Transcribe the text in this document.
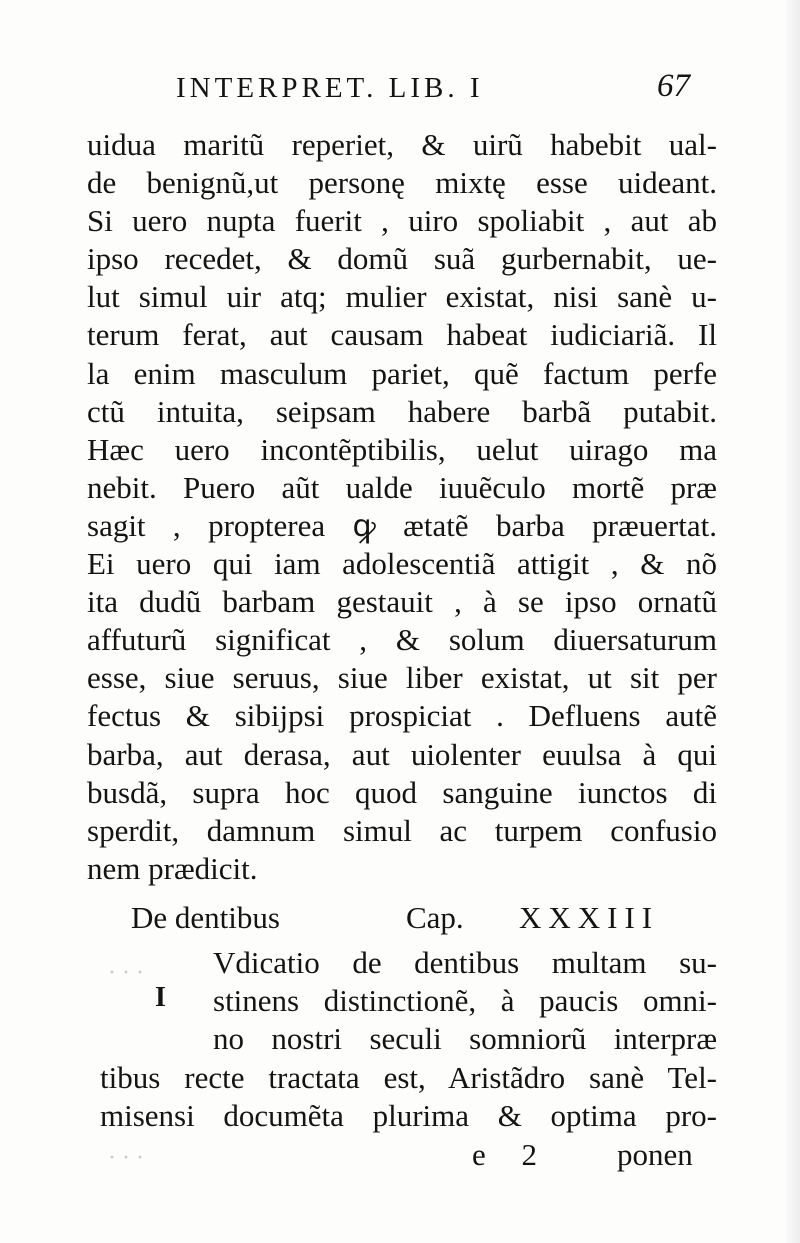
· · ·
· · ·
INTERPRET. LIB. I	67
uidua maritũ reperiet, & uirũ habebit ual-
de benignũ,ut personę mixtę esse uideant.
Si uero nupta fuerit , uiro spoliabit , aut ab
ipso recedet, & domũ suã gurbernabit, ue-
lut simul uir atq; mulier existat, nisi sanè u-
terum ferat, aut causam habeat iudiciariã. Il
la enim masculum pariet, quẽ factum perfe
ctũ intuita, seipsam habere barbã putabit.
Hæc uero incontẽptibilis, uelut uirago ma
nebit. Puero aũt ualde iuuẽculo mortẽ præ
sagit , propterea ꝙ ætatẽ barba præuertat.
Ei uero qui iam adolescentiã attigit , & nõ
ita dudũ barbam gestauit , à se ipso ornatũ
affuturũ significat , & solum diuersaturum
esse, siue seruus, siue liber existat, ut sit per
fectus & sibijpsi prospiciat . Defluens autẽ
barba, aut derasa, aut uiolenter euulsa à qui
busdã, supra hoc quod sanguine iunctos di
sperdit, damnum simul ac turpem confusio
nem prædicit.
De dentibus	Cap. XXXIII
I
Vdicatio de dentibus multam su-
stinens distinctionẽ, à paucis omni-
no nostri seculi somniorũ interpræ
tibus recte tractata est, Aristãdro sanè Tel-
misensi documẽta plurima & optima pro-
e 2 ponen
